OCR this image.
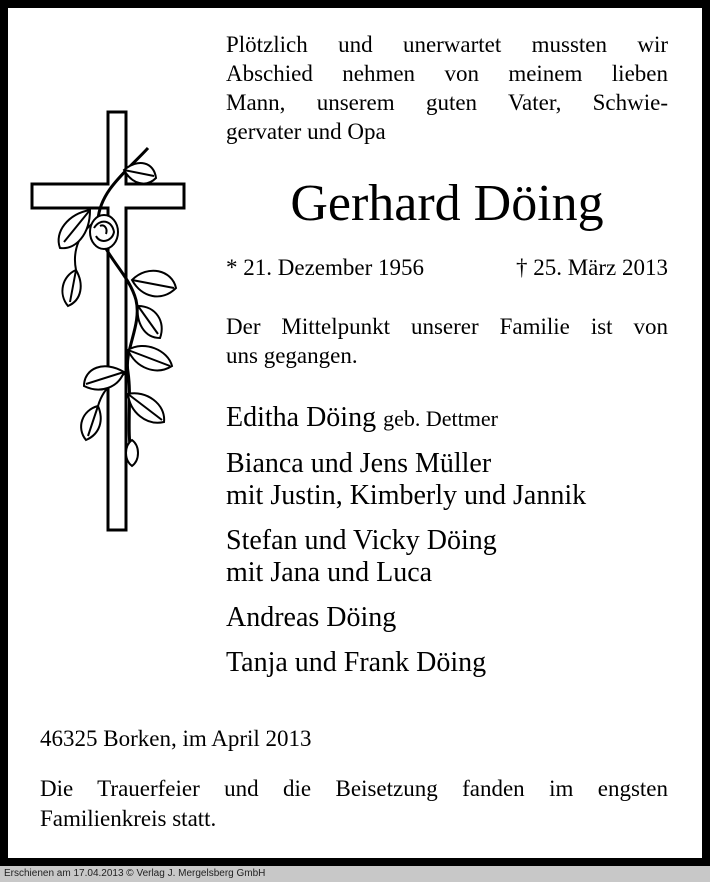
Plötzlich und unerwartet mussten wir
Abschied nehmen von meinem lieben
Mann, unserem guten Vater, Schwie-
gervater und Opa
Gerhard Döing
* 21. Dezember 1956	† 25. März 2013
Der Mittelpunkt unserer Familie ist von
uns gegangen.
Editha Döing geb. Dettmer
Bianca und Jens Müller
mit Justin, Kimberly und Jannik
Stefan und Vicky Döing
mit Jana und Luca
Andreas Döing
Tanja und Frank Döing
46325 Borken, im April 2013
Die Trauerfeier und die Beisetzung fanden im engsten
Familienkreis statt.
Erschienen am 17.04.2013 © Verlag J. Mergelsberg GmbH
